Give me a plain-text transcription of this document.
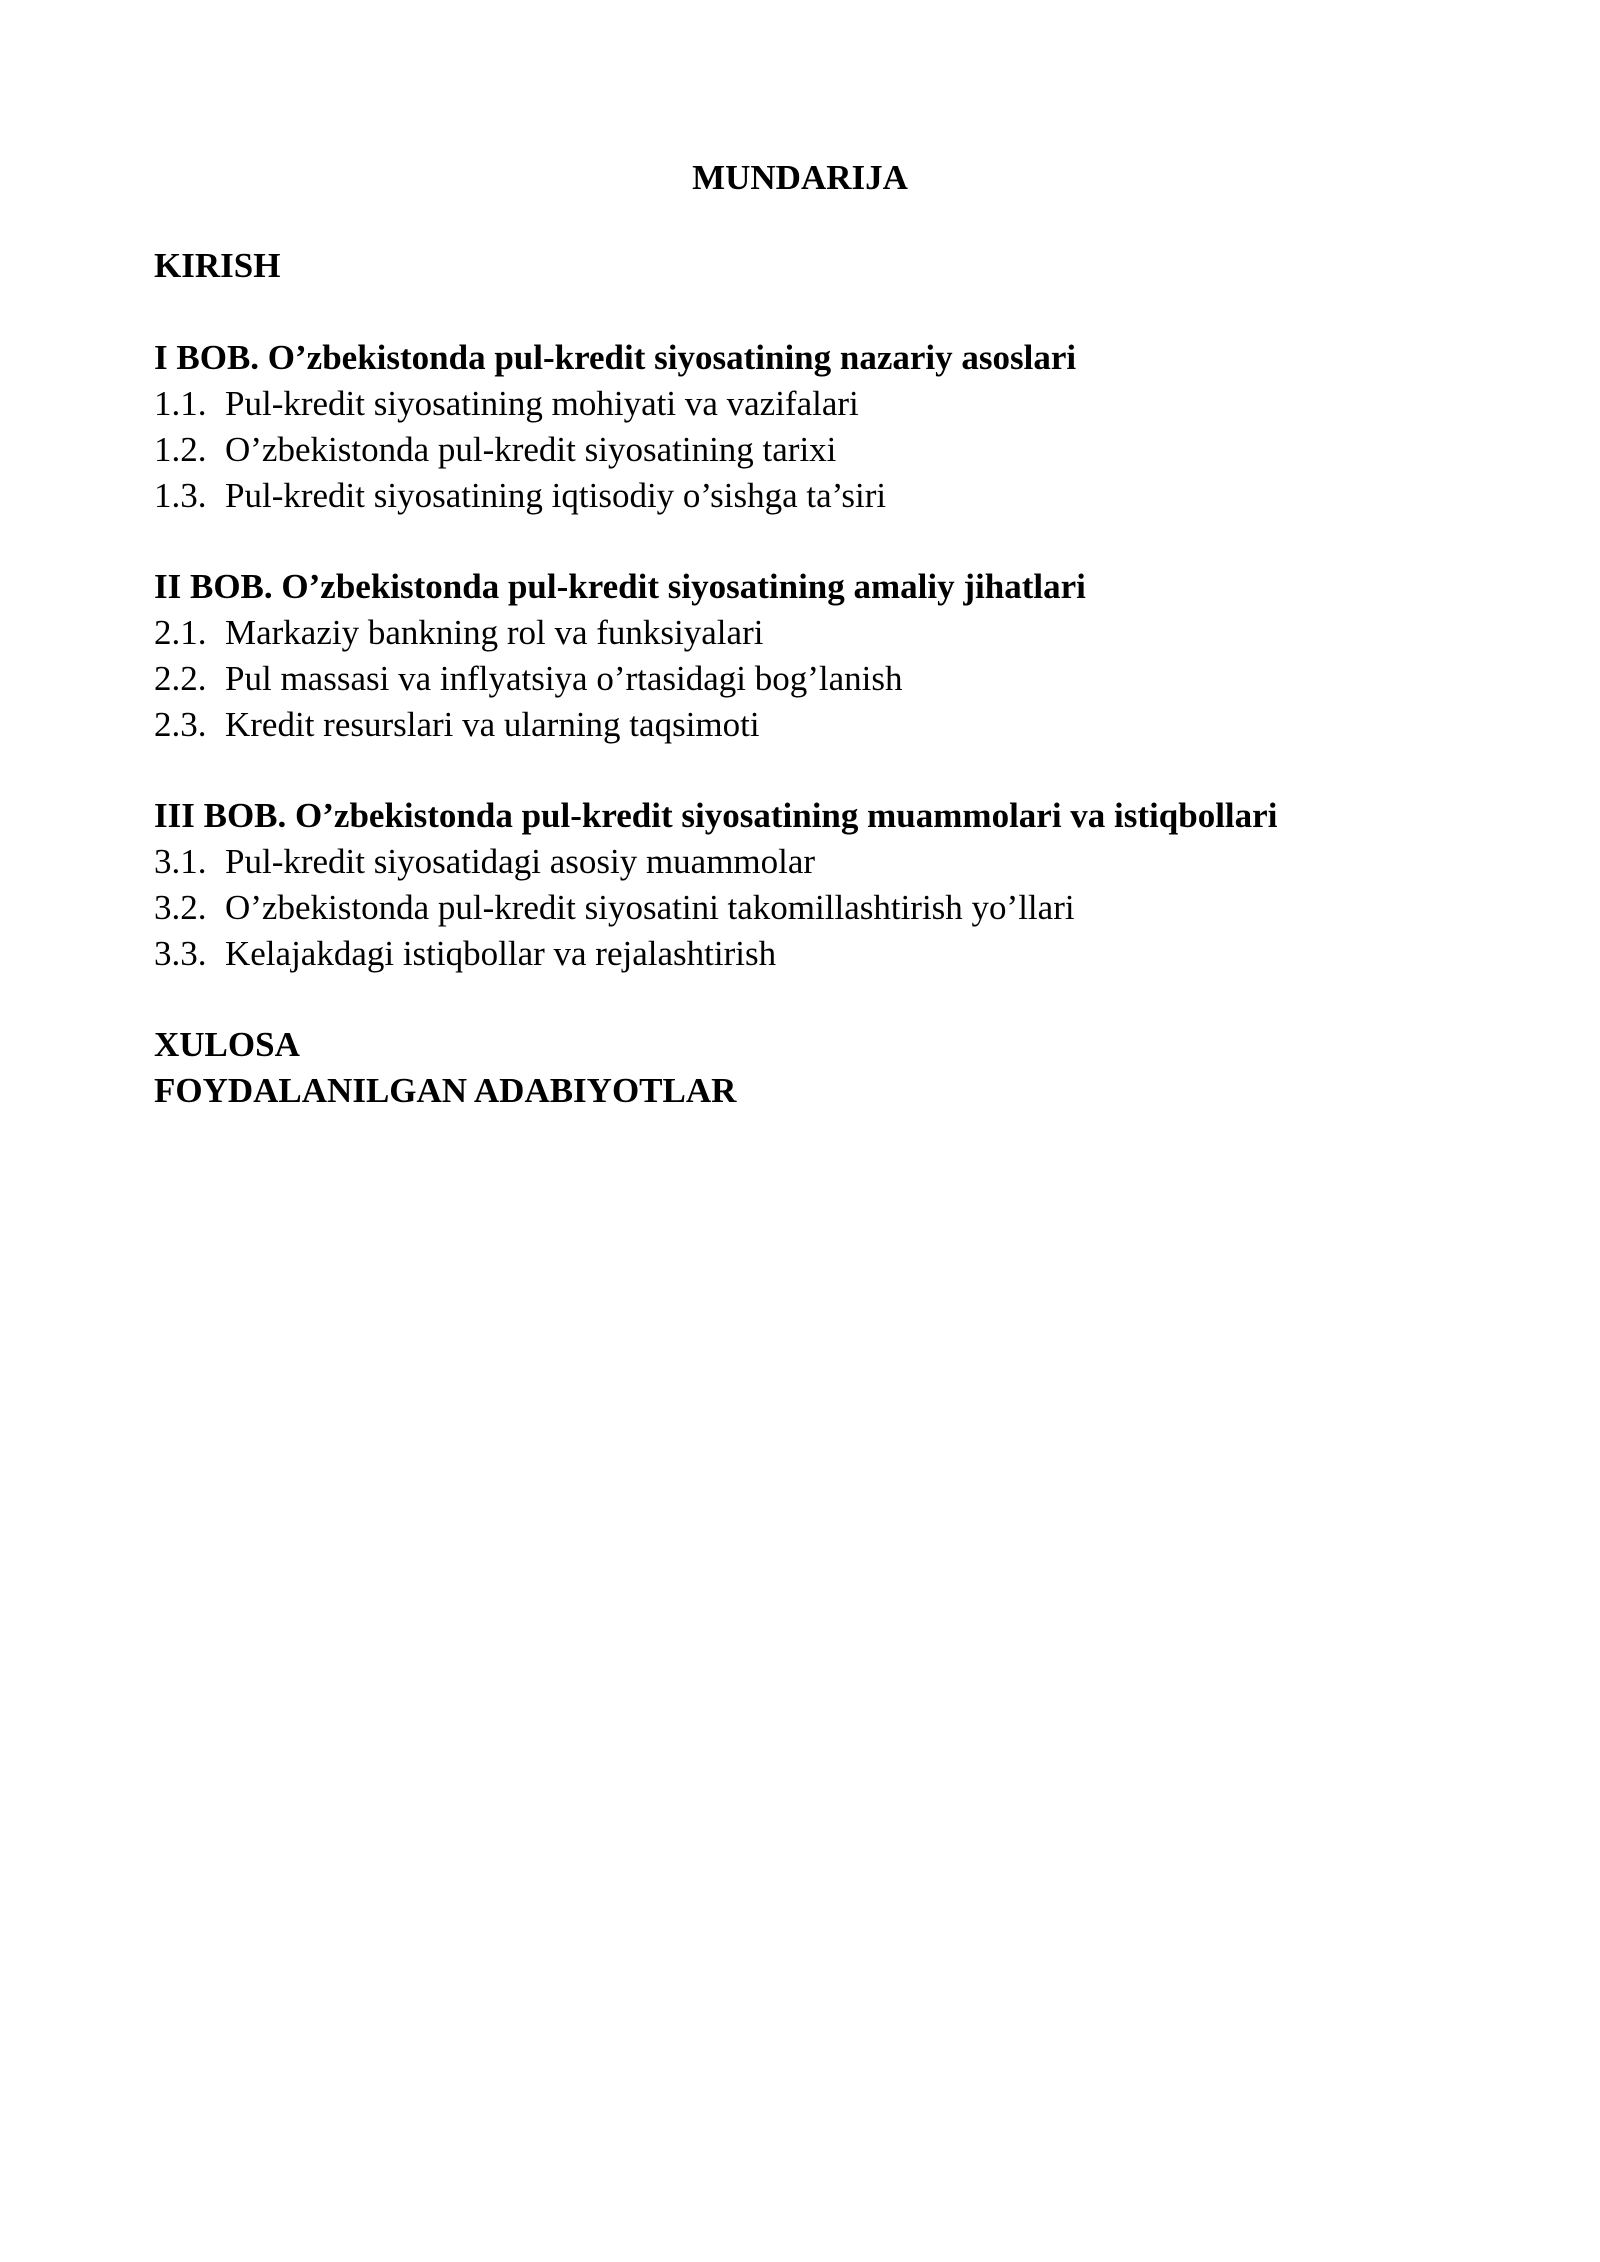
MUNDARIJA
KIRISH
I BOB. O’zbekistonda pul-kredit siyosatining nazariy asoslari
1.1. Pul-kredit siyosatining mohiyati va vazifalari
1.2. O’zbekistonda pul-kredit siyosatining tarixi
1.3. Pul-kredit siyosatining iqtisodiy o’sishga ta’siri
II BOB. O’zbekistonda pul-kredit siyosatining amaliy jihatlari
2.1. Markaziy bankning rol va funksiyalari
2.2. Pul massasi va inflyatsiya o’rtasidagi bog’lanish
2.3. Kredit resurslari va ularning taqsimoti
III BOB. O’zbekistonda pul-kredit siyosatining muammolari va istiqbollari
3.1. Pul-kredit siyosatidagi asosiy muammolar
3.2. O’zbekistonda pul-kredit siyosatini takomillashtirish yo’llari
3.3. Kelajakdagi istiqbollar va rejalashtirish
XULOSA
FOYDALANILGAN ADABIYOTLAR
